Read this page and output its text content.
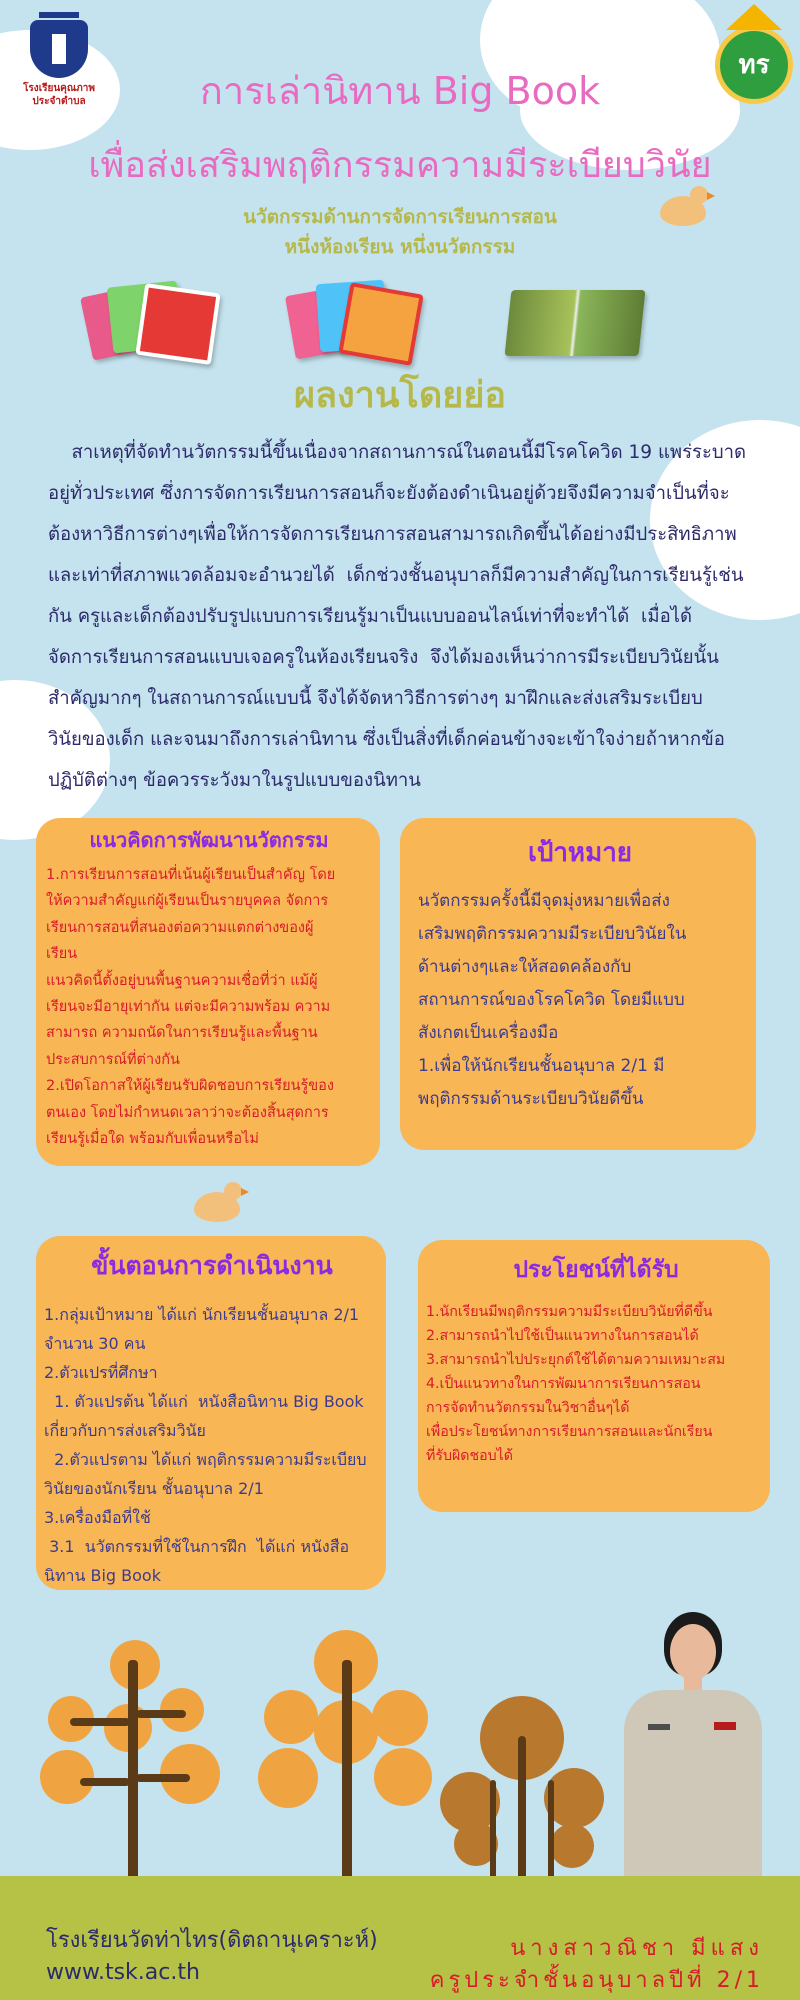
โรงเรียนคุณภาพ
ประจำตำบล
ทร
การเล่านิทาน Big Book
เพื่อส่งเสริมพฤติกรรมความมีระเบียบวินัย
นวัตกรรมด้านการจัดการเรียนการสอน
หนึ่งห้องเรียน หนึ่งนวัตกรรม
ผลงานโดยย่อ
สาเหตุที่จัดทำนวัตกรรมนี้ขึ้นเนื่องจากสถานการณ์ในตอนนี้มีโรคโควิด 19 แพร่ระบาด
อยู่ทั่วประเทศ ซึ่งการจัดการเรียนการสอนก็จะยังต้องดำเนินอยู่ด้วยจึงมีความจำเป็นที่จะ
ต้องหาวิธีการต่างๆเพื่อให้การจัดการเรียนการสอนสามารถเกิดขึ้นได้อย่างมีประสิทธิภาพ
และเท่าที่สภาพแวดล้อมจะอำนวยได้  เด็กช่วงชั้นอนุบาลก็มีความสำคัญในการเรียนรู้เช่น
กัน ครูและเด็กต้องปรับรูปแบบการเรียนรู้มาเป็นแบบออนไลน์เท่าที่จะทำได้  เมื่อได้
จัดการเรียนการสอนแบบเจอครูในห้องเรียนจริง  จึงได้มองเห็นว่าการมีระเบียบวินัยนั้น
สำคัญมากๆ ในสถานการณ์แบบนี้ จึงได้จัดหาวิธีการต่างๆ มาฝึกและส่งเสริมระเบียบ
วินัยของเด็ก และจนมาถึงการเล่านิทาน ซึ่งเป็นสิ่งที่เด็กค่อนข้างจะเข้าใจง่ายถ้าหากข้อ
ปฏิบัติต่างๆ ข้อควรระวังมาในรูปแบบของนิทาน
แนวคิดการพัฒนานวัตกรรม
1.การเรียนการสอนที่เน้นผู้เรียนเป็นสำคัญ โดย
ให้ความสำคัญแก่ผู้เรียนเป็นรายบุคคล จัดการ
เรียนการสอนที่สนองต่อความแตกต่างของผู้
เรียน
แนวคิดนี้ตั้งอยู่บนพื้นฐานความเชื่อที่ว่า แม้ผู้
เรียนจะมีอายุเท่ากัน แต่จะมีความพร้อม ความ
สามารถ ความถนัดในการเรียนรู้และพื้นฐาน
ประสบการณ์ที่ต่างกัน
2.เปิดโอกาสให้ผู้เรียนรับผิดชอบการเรียนรู้ของ
ตนเอง โดยไม่กำหนดเวลาว่าจะต้องสิ้นสุดการ
เรียนรู้เมื่อใด พร้อมกับเพื่อนหรือไม่
เป้าหมาย
นวัตกรรมครั้งนี้มีจุดมุ่งหมายเพื่อส่ง
เสริมพฤติกรรมความมีระเบียบวินัยใน
ด้านต่างๆและให้สอดคล้องกับ
สถานการณ์ของโรคโควิด โดยมีแบบ
สังเกตเป็นเครื่องมือ
1.เพื่อให้นักเรียนชั้นอนุบาล 2/1 มี
พฤติกรรมด้านระเบียบวินัยดีขึ้น
ขั้นตอนการดำเนินงาน
1.กลุ่มเป้าหมาย ได้แก่ นักเรียนชั้นอนุบาล 2/1
จำนวน 30 คน
2.ตัวแปรที่ศึกษา
1. ตัวแปรต้น ได้แก่  หนังสือนิทาน Big Book
เกี่ยวกับการส่งเสริมวินัย
2.ตัวแปรตาม ได้แก่ พฤติกรรมความมีระเบียบ
วินัยของนักเรียน ชั้นอนุบาล 2/1
3.เครื่องมือที่ใช้
3.1  นวัตกรรมที่ใช้ในการฝึก  ได้แก่ หนังสือ
นิทาน Big Book
ประโยชน์ที่ได้รับ
1.นักเรียนมีพฤติกรรมความมีระเบียบวินัยที่ดีขึ้น
2.สามารถนำไปใช้เป็นแนวทางในการสอนได้
3.สามารถนำไปประยุกต์ใช้ได้ตามความเหมาะสม
4.เป็นแนวทางในการพัฒนาการเรียนการสอน
การจัดทำนวัตกรรมในวิชาอื่นๆได้
เพื่อประโยชน์ทางการเรียนการสอนและนักเรียน
ที่รับผิดชอบได้
โรงเรียนวัดท่าไทร(ดิตถานุเคราะห์)
www.tsk.ac.th
นางสาวณิชา มีแสง
ครูประจำชั้นอนุบาลปีที่ 2/1
